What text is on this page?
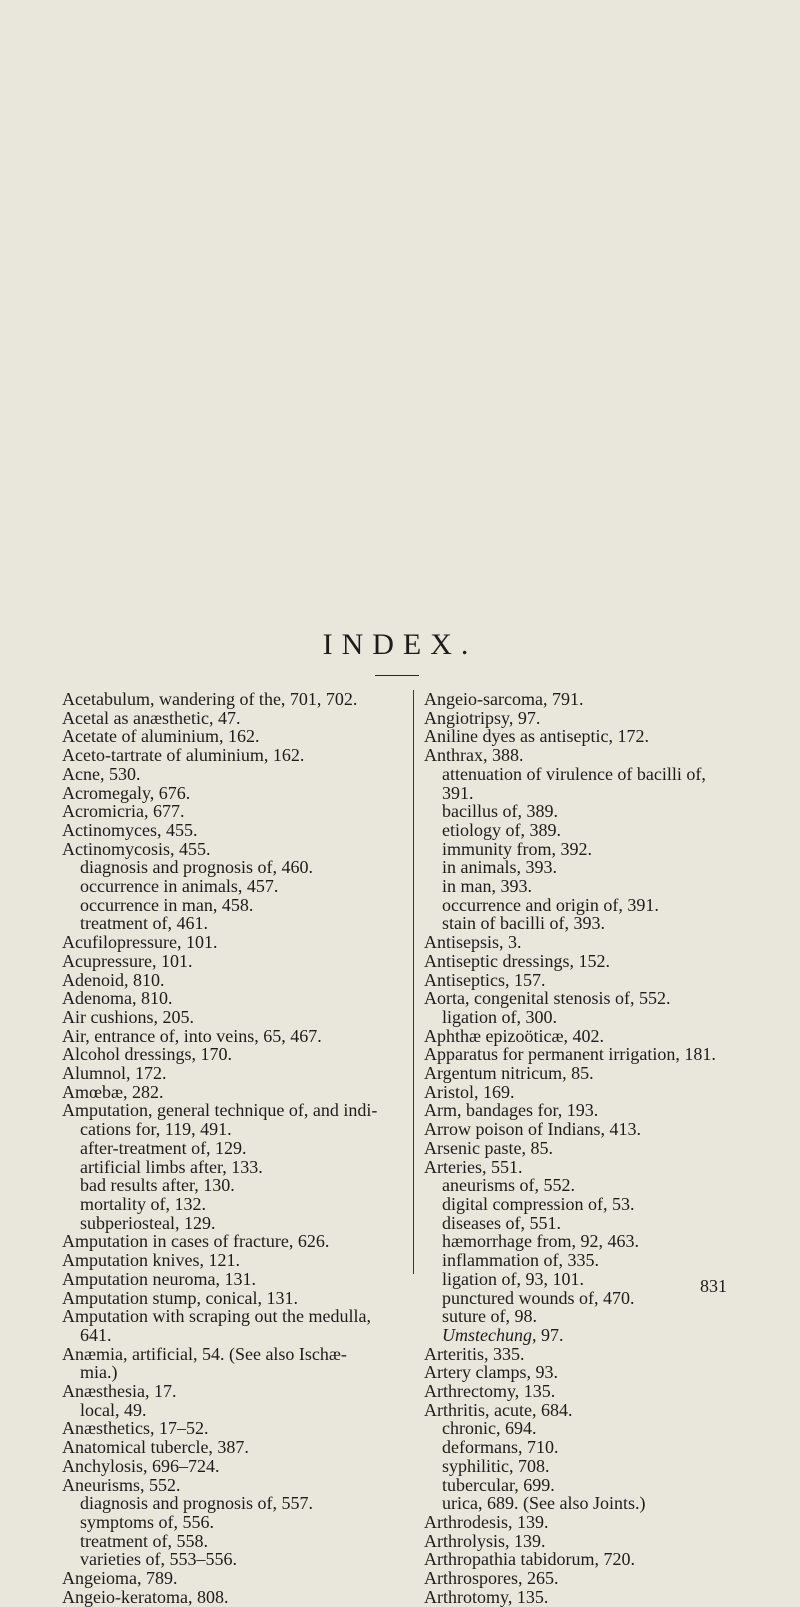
INDEX.
Acetabulum, wandering of the, 701, 702.
Acetal as anæsthetic, 47.
Acetate of aluminium, 162.
Aceto-tartrate of aluminium, 162.
Acne, 530.
Acromegaly, 676.
Acromicria, 677.
Actinomyces, 455.
Actinomycosis, 455.
diagnosis and prognosis of, 460.
occurrence in animals, 457.
occurrence in man, 458.
treatment of, 461.
Acufilopressure, 101.
Acupressure, 101.
Adenoid, 810.
Adenoma, 810.
Air cushions, 205.
Air, entrance of, into veins, 65, 467.
Alcohol dressings, 170.
Alumnol, 172.
Amœbæ, 282.
Amputation, general technique of, and indi-
cations for, 119, 491.
after-treatment of, 129.
artificial limbs after, 133.
bad results after, 130.
mortality of, 132.
subperiosteal, 129.
Amputation in cases of fracture, 626.
Amputation knives, 121.
Amputation neuroma, 131.
Amputation stump, conical, 131.
Amputation with scraping out the medulla,
641.
Anæmia, artificial, 54. (See also Ischæ-
mia.)
Anæsthesia, 17.
local, 49.
Anæsthetics, 17–52.
Anatomical tubercle, 387.
Anchylosis, 696–724.
Aneurisms, 552.
diagnosis and prognosis of, 557.
symptoms of, 556.
treatment of, 558.
varieties of, 553–556.
Angeioma, 789.
Angeio-keratoma, 808.
Angeio-sarcoma, 791.
Angiotripsy, 97.
Aniline dyes as antiseptic, 172.
Anthrax, 388.
attenuation of virulence of bacilli of,
391.
bacillus of, 389.
etiology of, 389.
immunity from, 392.
in animals, 393.
in man, 393.
occurrence and origin of, 391.
stain of bacilli of, 393.
Antisepsis, 3.
Antiseptic dressings, 152.
Antiseptics, 157.
Aorta, congenital stenosis of, 552.
ligation of, 300.
Aphthæ epizoöticæ, 402.
Apparatus for permanent irrigation, 181.
Argentum nitricum, 85.
Aristol, 169.
Arm, bandages for, 193.
Arrow poison of Indians, 413.
Arsenic paste, 85.
Arteries, 551.
aneurisms of, 552.
digital compression of, 53.
diseases of, 551.
hæmorrhage from, 92, 463.
inflammation of, 335.
ligation of, 93, 101.
punctured wounds of, 470.
suture of, 98.
Umstechung, 97.
Arteritis, 335.
Artery clamps, 93.
Arthrectomy, 135.
Arthritis, acute, 684.
chronic, 694.
deformans, 710.
syphilitic, 708.
tubercular, 699.
urica, 689. (See also Joints.)
Arthrodesis, 139.
Arthrolysis, 139.
Arthropathia tabidorum, 720.
Arthrospores, 265.
Arthrotomy, 135.
831
